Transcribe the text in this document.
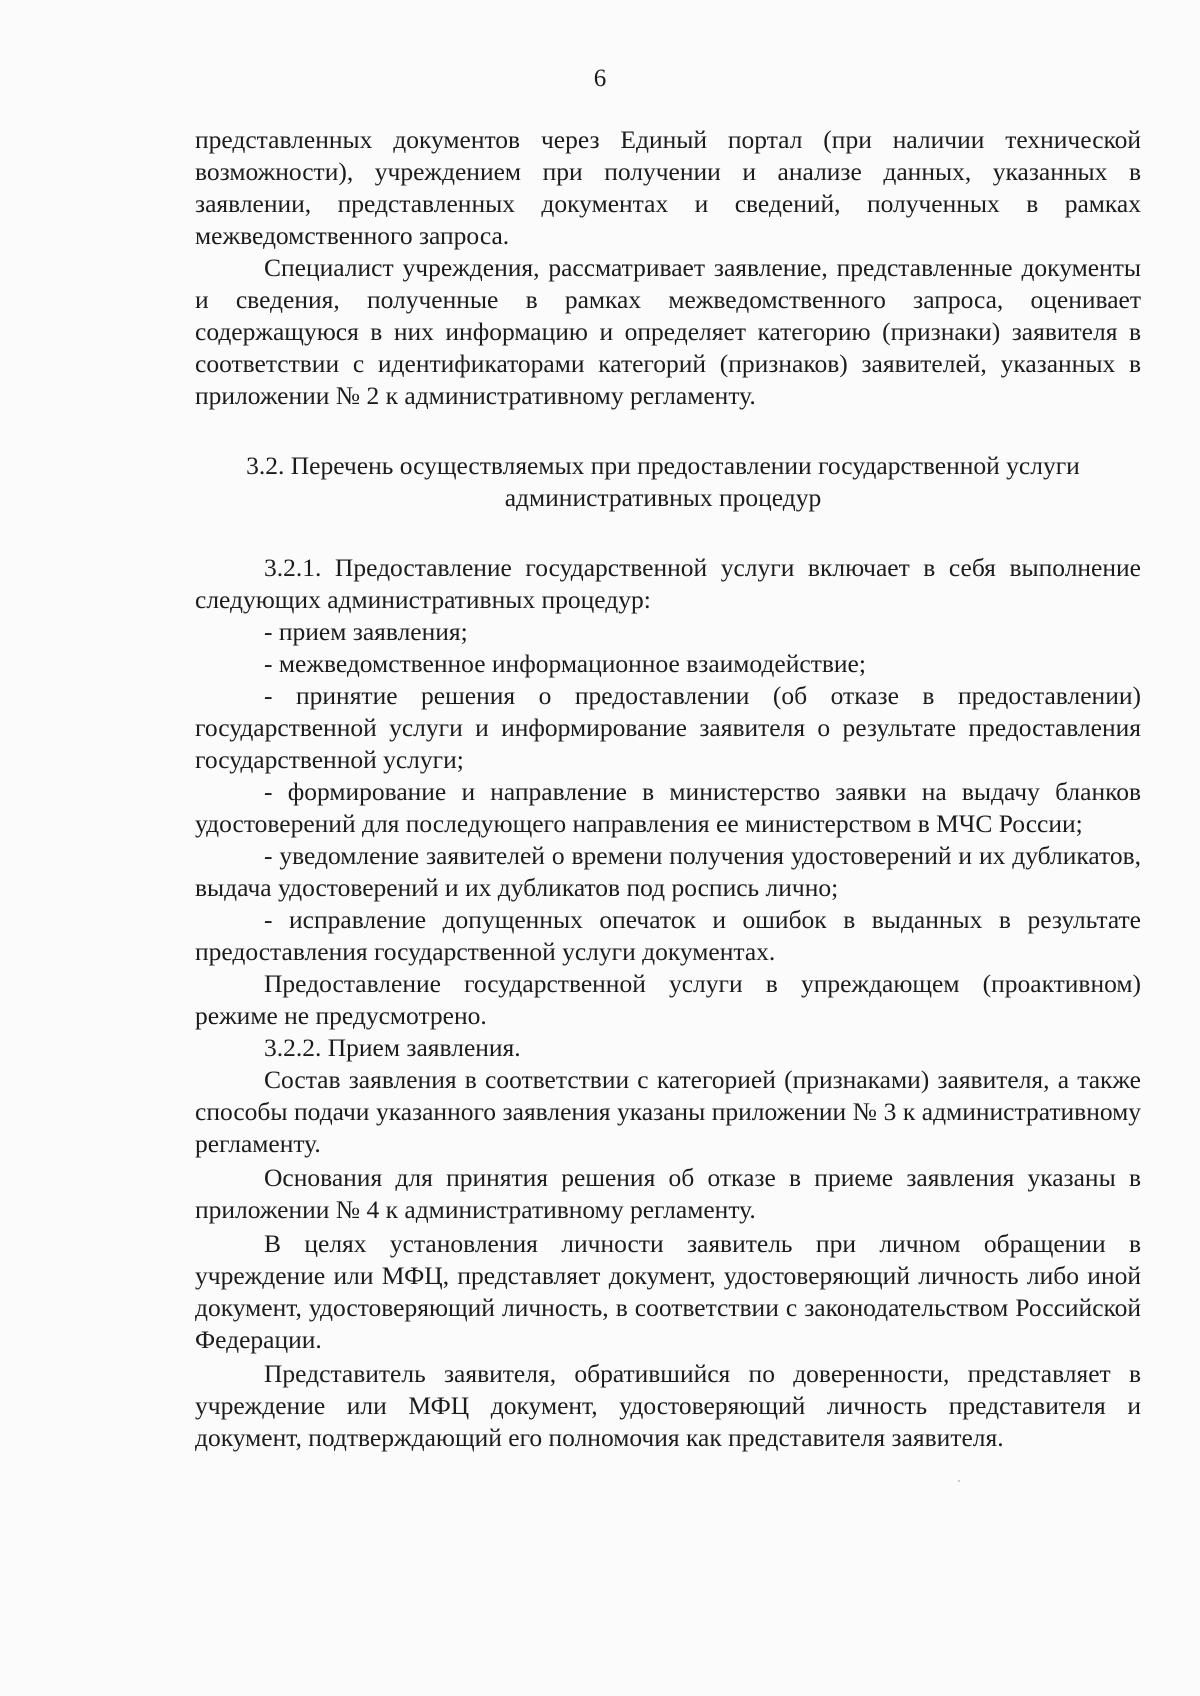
6

представленных документов через Единый портал (при наличии технической возможности), учреждением при получении и анализе данных, указанных в заявлении, представленных документах и сведений, полученных в рамках межведомственного запроса.

Специалист учреждения, рассматривает заявление, представленные документы и сведения, полученные в рамках межведомственного запроса, оценивает содержащуюся в них информацию и определяет категорию (признаки) заявителя в соответствии с идентификаторами категорий (признаков) заявителей, указанных в приложении № 2 к административному регламенту.

3.2. Перечень осуществляемых при предоставлении государственной услуги
административных процедур

3.2.1. Предоставление государственной услуги включает в себя выполнение следующих административных процедур:

- прием заявления;

- межведомственное информационное взаимодействие;

- принятие решения о предоставлении (об отказе в предоставлении) государственной услуги и информирование заявителя о результате предоставления государственной услуги;

- формирование и направление в министерство заявки на выдачу бланков удостоверений для последующего направления ее министерством в МЧС России;

- уведомление заявителей о времени получения удостоверений и их дубликатов, выдача удостоверений и их дубликатов под роспись лично;

- исправление допущенных опечаток и ошибок в выданных в результате предоставления государственной услуги документах.

Предоставление государственной услуги в упреждающем (проактивном) режиме не предусмотрено.

3.2.2. Прием заявления.

Состав заявления в соответствии с категорией (признаками) заявителя, а также способы подачи указанного заявления указаны приложении № 3 к административному регламенту.

Основания для принятия решения об отказе в приеме заявления указаны в приложении № 4 к административному регламенту.

В целях установления личности заявитель при личном обращении в учреждение или МФЦ, представляет документ, удостоверяющий личность либо иной документ, удостоверяющий личность, в соответствии с законодательством Российской Федерации.

Представитель заявителя, обратившийся по доверенности, представляет в учреждение или МФЦ документ, удостоверяющий личность представителя и документ, подтверждающий его полномочия как представителя заявителя.
